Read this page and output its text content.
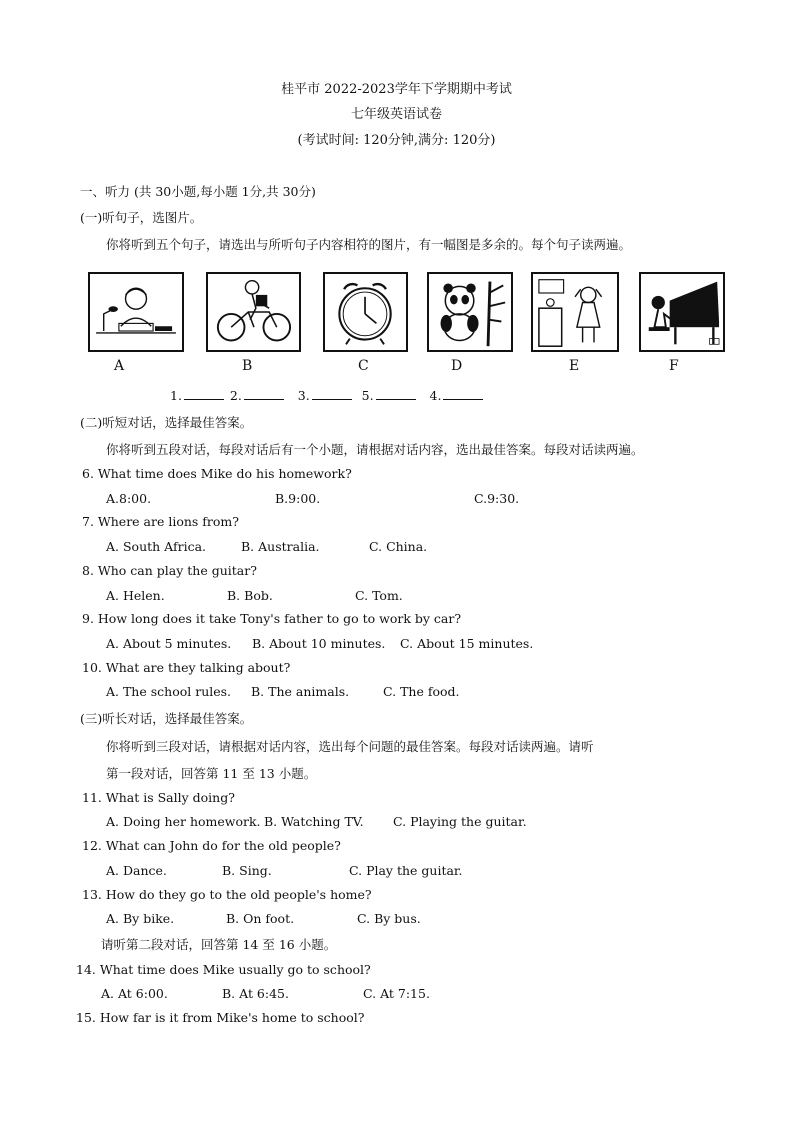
桂平市 2022-2023学年下学期期中考试
七年级英语试卷
(考试时间: 120分钟,满分: 120分)
一、听力 (共 30小题,每小题 1分,共 30分)
(一)听句子，选图片。
你将听到五个句子，请选出与所听句子内容相符的图片，有一幅图是多余的。每个句子读两遍。
A	B	C	D	E	F
1.	2.	3.	5.	4.
(二)听短对话，选择最佳答案。
你将听到五段对话，每段对话后有一个小题，请根据对话内容，选出最佳答案。每段对话读两遍。
6. What time does Mike do his homework?
A.8:00.	B.9:00.	C.9:30.
7. Where are lions from?
A. South Africa.	B. Australia.	C. China.
8. Who can play the guitar?
A. Helen.	B. Bob.	C. Tom.
9. How long does it take Tony's father to go to work by car?
A. About 5 minutes. B. About 10 minutes. C. About 15 minutes.
10. What are they talking about?
A. The school rules. B. The animals.	C. The food.
(三)听长对话，选择最佳答案。
你将听到三段对话，请根据对话内容，选出每个问题的最佳答案。每段对话读两遍。请听
第一段对话，回答第 11 至 13 小题。
11. What is Sally doing?
A. Doing her homework. B. Watching TV. C. Playing the guitar.
12. What can John do for the old people?
A. Dance.	B. Sing.	C. Play the guitar.
13. How do they go to the old people's home?
A. By bike.	B. On foot.	C. By bus.
请听第二段对话，回答第 14 至 16 小题。
14. What time does Mike usually go to school?
A. At 6:00.	B. At 6:45.	C. At 7:15.
15. How far is it from Mike's home to school?
